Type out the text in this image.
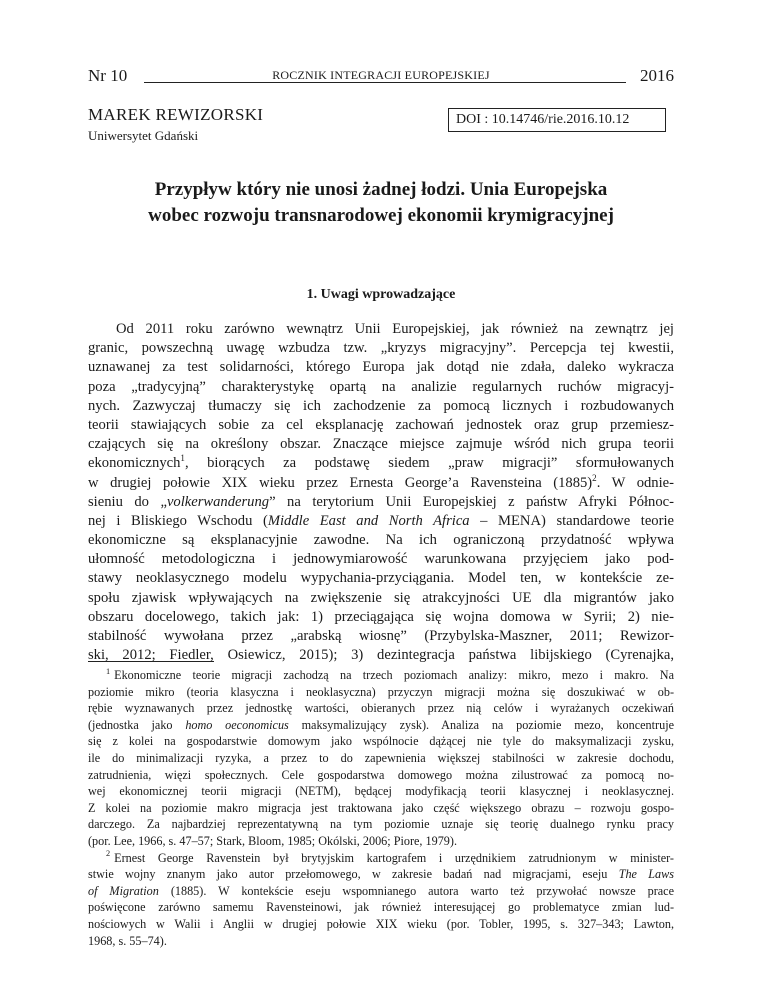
Nr 10	ROCZNIK INTEGRACJI EUROPEJSKIEJ	2016
MAREK REWIZORSKI
Uniwersytet Gdański
DOI : 10.14746/rie.2016.10.12
Przypływ który nie unosi żadnej łodzi. Unia Europejska
wobec rozwoju transnarodowej ekonomii krymigracyjnej
1. Uwagi wprowadzające
Od 2011 roku zarówno wewnątrz Unii Europejskiej, jak również na zewnątrz jej
granic, powszechną uwagę wzbudza tzw. „kryzys migracyjny”. Percepcja tej kwestii,
uznawanej za test solidarności, którego Europa jak dotąd nie zdała, daleko wykracza
poza „tradycyjną” charakterystykę opartą na analizie regularnych ruchów migracyj-
nych. Zazwyczaj tłumaczy się ich zachodzenie za pomocą licznych i rozbudowanych
teorii stawiających sobie za cel eksplanację zachowań jednostek oraz grup przemiesz-
czających się na określony obszar. Znaczące miejsce zajmuje wśród nich grupa teorii
ekonomicznych$^1$, biorących za podstawę siedem „praw migracji” sformułowanych
w drugiej połowie XIX wieku przez Ernesta George’a Ravensteina $(1885)^2$. W odnie-
sieniu do „volkerwanderung” na terytorium Unii Europejskiej z państw Afryki Północ-
nej i Bliskiego Wschodu (Middle East and North Africa – MENA) standardowe teorie
ekonomiczne są eksplanacyjnie zawodne. Na ich ograniczoną przydatność wpływa
ułomność metodologiczna i jednowymiarowość warunkowana przyjęciem jako pod-
stawy neoklasycznego modelu wypychania-przyciągania. Model ten, w kontekście ze-
społu zjawisk wpływających na zwiększenie się atrakcyjności UE dla migrantów jako
obszaru docelowego, takich jak: 1) przeciągająca się wojna domowa w Syrii; 2) nie-
stabilność wywołana przez „arabską wiosnę” (Przybylska-Maszner, 2011; Rewizor-
ski, 2012; Fiedler, Osiewicz, 2015); 3) dezintegracja państwa libijskiego (Cyrenajka,
$^1$ Ekonomiczne teorie migracji zachodzą na trzech poziomach analizy: mikro, mezo i makro. Na
poziomie mikro (teoria klasyczna i neoklasyczna) przyczyn migracji można się doszukiwać w ob-
rębie wyznawanych przez jednostkę wartości, obieranych przez nią celów i wyrażanych oczekiwań
(jednostka jako homo oeconomicus maksymalizujący zysk). Analiza na poziomie mezo, koncentruje
się z kolei na gospodarstwie domowym jako wspólnocie dążącej nie tyle do maksymalizacji zysku,
ile do minimalizacji ryzyka, a przez to do zapewnienia większej stabilności w zakresie dochodu,
zatrudnienia, więzi społecznych. Cele gospodarstwa domowego można zilustrować za pomocą no-
wej ekonomicznej teorii migracji (NETM), będącej modyfikacją teorii klasycznej i neoklasycznej.
Z kolei na poziomie makro migracja jest traktowana jako część większego obrazu – rozwoju gospo-
darczego. Za najbardziej reprezentatywną na tym poziomie uznaje się teorię dualnego rynku pracy
(por. Lee, 1966, s. 47–57; Stark, Bloom, 1985; Okólski, 2006; Piore, 1979).
$^2$ Ernest George Ravenstein był brytyjskim kartografem i urzędnikiem zatrudnionym w minister-
stwie wojny znanym jako autor przełomowego, w zakresie badań nad migracjami, eseju The Laws
of Migration (1885). W kontekście eseju wspomnianego autora warto też przywołać nowsze prace
poświęcone zarówno samemu Ravensteinowi, jak również interesującej go problematyce zmian lud-
nościowych w Walii i Anglii w drugiej połowie XIX wieku (por. Tobler, 1995, s. 327–343; Lawton,
1968, s. 55–74).
